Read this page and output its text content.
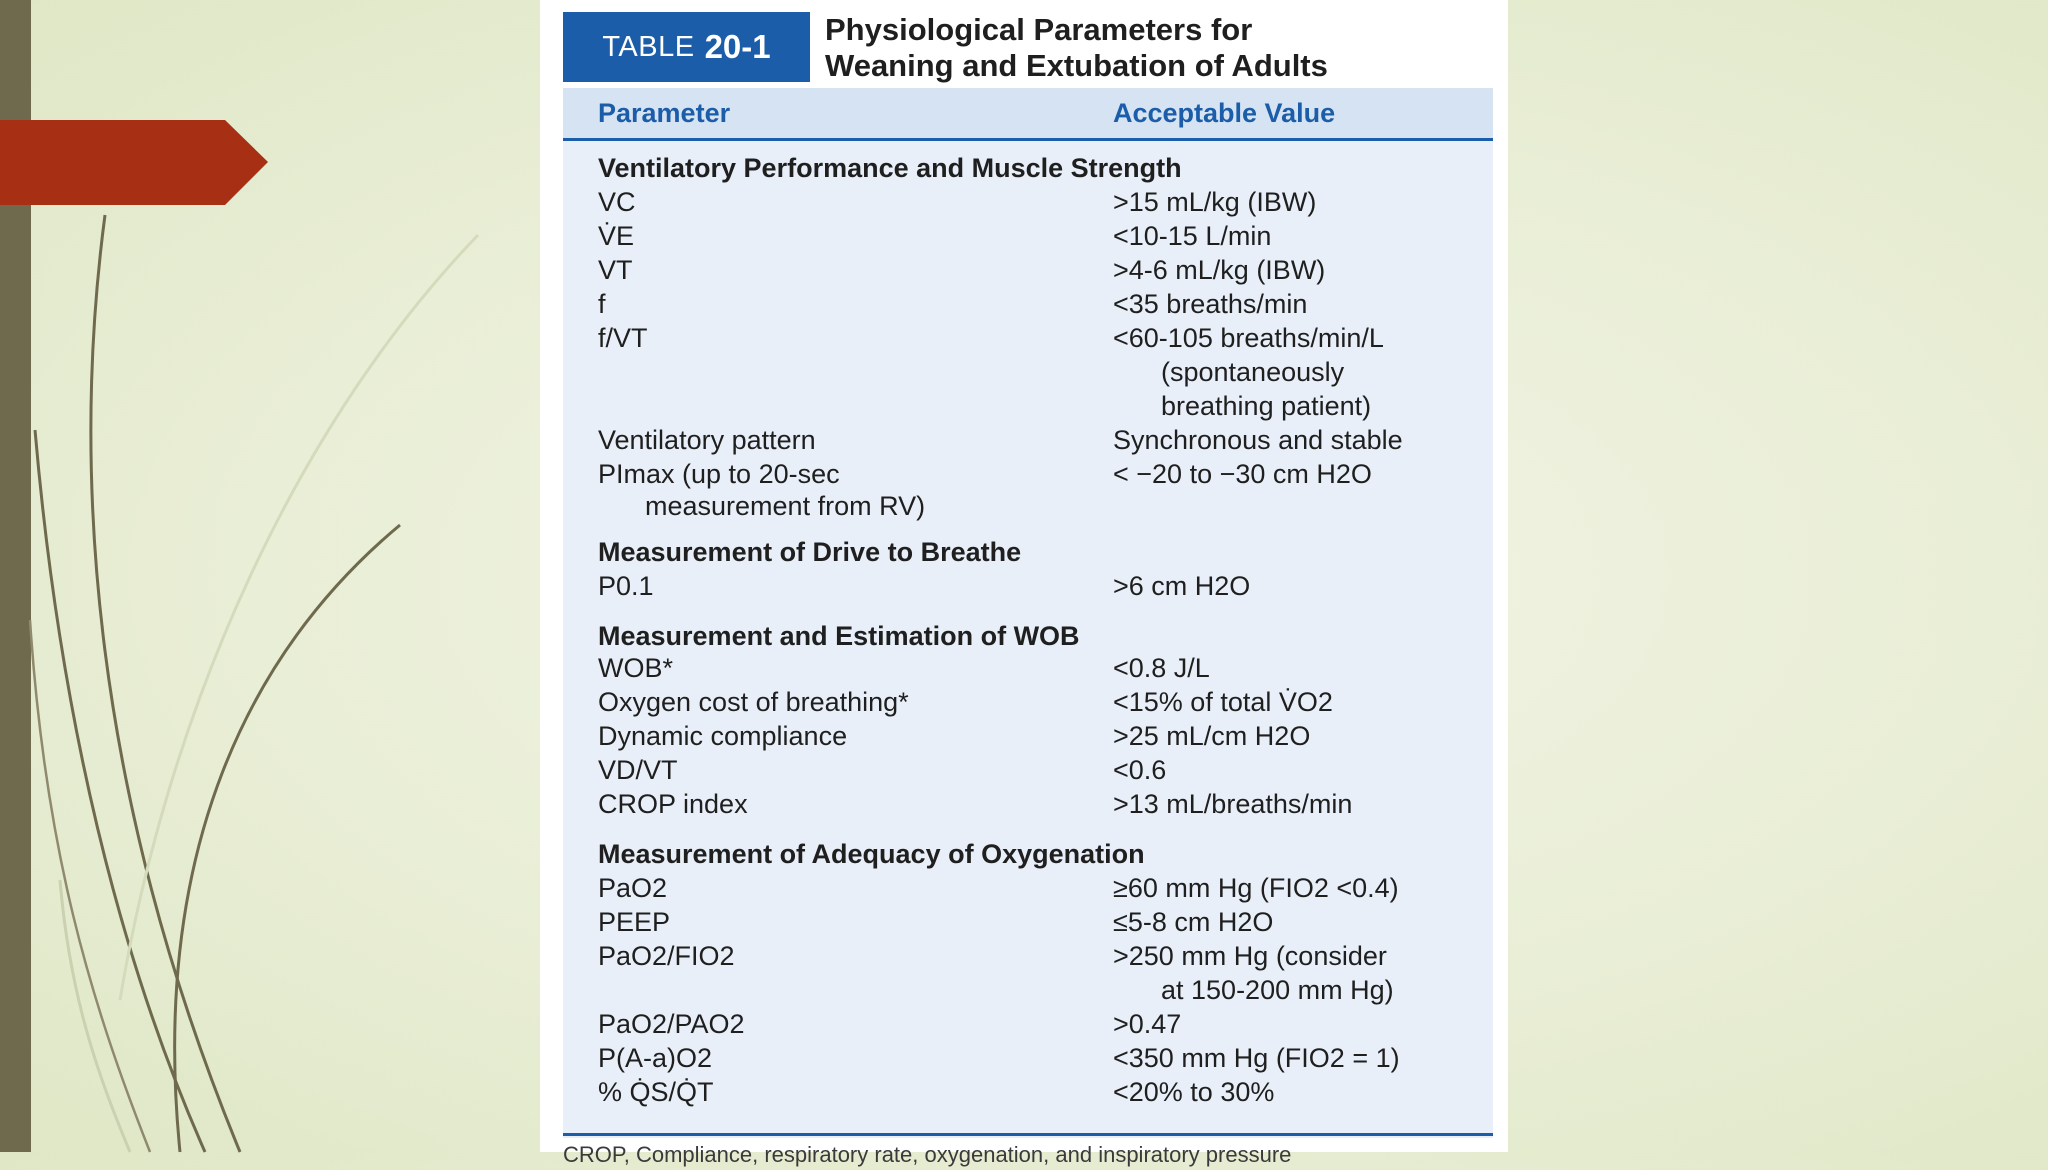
TABLE 20-1 Physiological Parameters for
Weaning and Extubation of Adults
Parameter	Acceptable Value
Ventilatory Performance and Muscle Strength
VC	>15 mL/kg (IBW)
V̇E	<10-15 L/min
VT	>4-6 mL/kg (IBW)
f	<35 breaths/min
f/VT	<60-105 breaths/min/L
(spontaneously
breathing patient)
Ventilatory pattern	Synchronous and stable
PImax (up to 20-sec	< −20 to −30 cm H2O
measurement from RV)
Measurement of Drive to Breathe
P0.1	>6 cm H2O
Measurement and Estimation of WOB
WOB*	<0.8 J/L
Oxygen cost of breathing*	<15% of total V̇O2
Dynamic compliance	>25 mL/cm H2O
VD/VT	<0.6
CROP index	>13 mL/breaths/min
Measurement of Adequacy of Oxygenation
PaO2	≥60 mm Hg (FIO2 <0.4)
PEEP	≤5-8 cm H2O
PaO2/FIO2	>250 mm Hg (consider
at 150-200 mm Hg)
PaO2/PAO2	>0.47
P(A-a)O2	<350 mm Hg (FIO2 = 1)
% Q̇S/Q̇T	<20% to 30%
CROP, Compliance, respiratory rate, oxygenation, and inspiratory pressure
